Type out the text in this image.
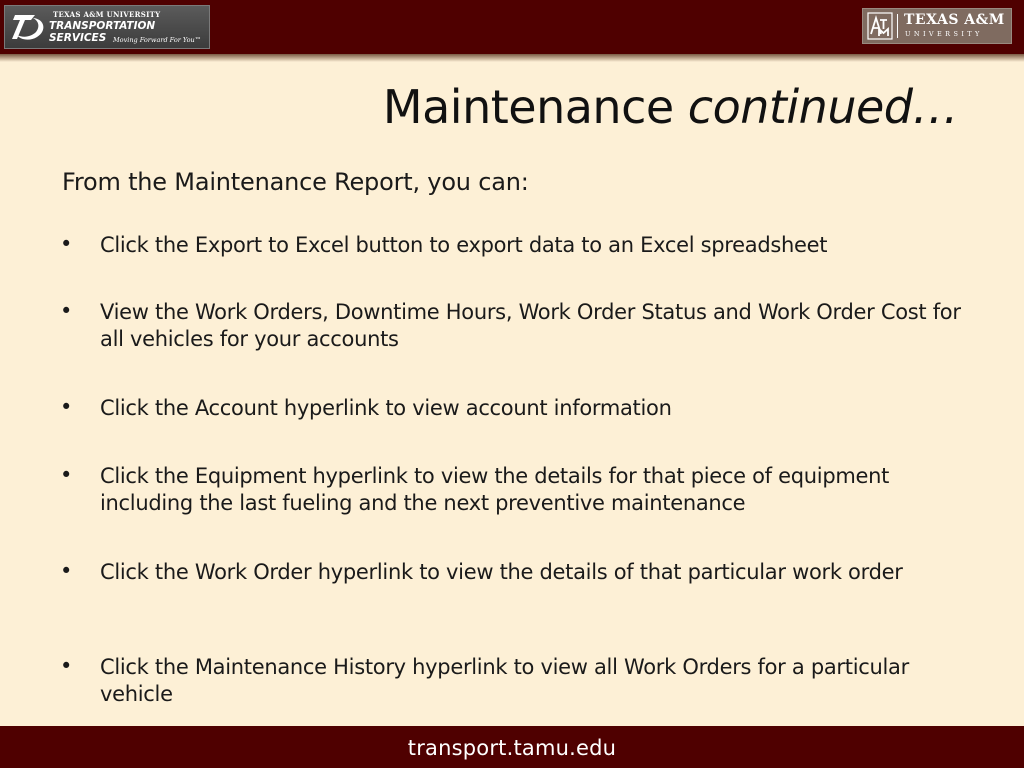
TEXAS A&M UNIVERSITY
TRANSPORTATION SERVICES	Moving Forward For You™
TEXAS A&M
UNIVERSITY
Maintenance continued…
From the Maintenance Report, you can:
• Click the Export to Excel button to export data to an Excel spreadsheet
• View the Work Orders, Downtime Hours, Work Order Status and Work Order Cost for all vehicles for your accounts
• Click the Account hyperlink to view account information
• Click the Equipment hyperlink to view the details for that piece of equipment including the last fueling and the next preventive maintenance
• Click the Work Order hyperlink to view the details of that particular work order
• Click the Maintenance History hyperlink to view all Work Orders for a particular vehicle
transport.tamu.edu
